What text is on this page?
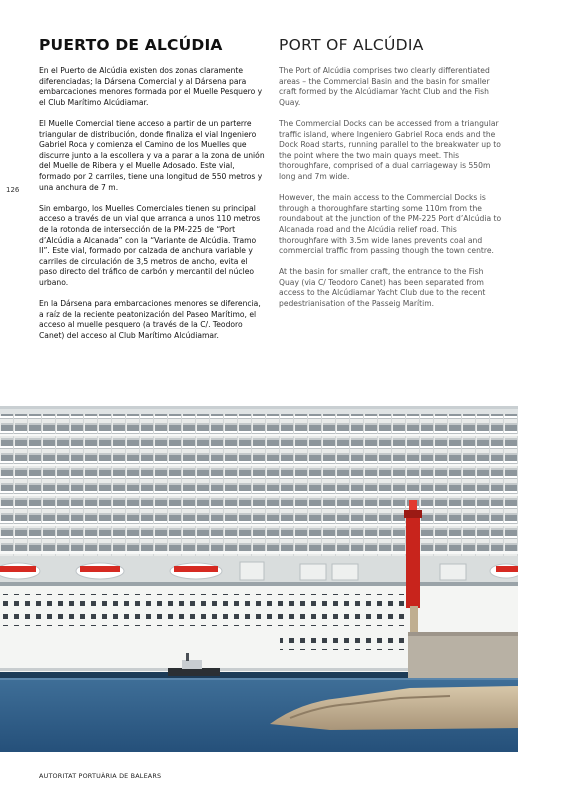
126
PUERTO DE ALCÚDIA

En el Puerto de Alcúdia existen dos zonas claramente diferenciadas; la Dársena Comercial y al Dársena para embarcaciones menores formada por el Muelle Pesquero y el Club Marítimo Alcúdiamar.

El Muelle Comercial tiene acceso a partir de un parterre triangular de distribución, donde finaliza el vial Ingeniero Gabriel Roca y comienza el Camino de los Muelles que discurre junto a la escollera y va a parar a la zona de unión del Muelle de Ribera y el Muelle Adosado. Este vial, formado por 2 carriles, tiene una longitud de 550 metros y una anchura de 7 m.

Sin embargo, los Muelles Comerciales tienen su principal acceso a través de un vial que arranca a unos 110 metros de la rotonda de intersección de la PM-225 de “Port d’Alcúdia a Alcanada” con la “Variante de Alcúdia. Tramo II”. Este vial, formado por calzada de anchura variable y carriles de circulación de 3,5 metros de ancho, evita el paso directo del tráfico de carbón y mercantil del núcleo urbano.

En la Dársena para embarcaciones menores se diferencia, a raíz de la reciente peatonización del Paseo Marítimo, el acceso al muelle pesquero (a través de la C/. Teodoro Canet) del acceso al Club Marítimo Alcúdiamar.

PORT OF ALCÚDIA

The Port of Alcúdia comprises two clearly differentiated areas – the Commercial Basin and the basin for smaller craft formed by the Alcúdiamar Yacht Club and the Fish Quay.

The Commercial Docks can be accessed from a triangular traffic island, where Ingeniero Gabriel Roca ends and the Dock Road starts, running parallel to the breakwater up to the point where the two main quays meet. This thoroughfare, comprised of a dual carriageway is 550m long and 7m wide.

However, the main access to the Commercial Docks is through a thoroughfare starting some 110m from the roundabout at the junction of the PM-225 Port d’Alcúdia to Alcanada road and the Alcúdia relief road. This thoroughfare with 3.5m wide lanes prevents coal and commercial traffic from passing though the town centre.

At the basin for smaller craft, the entrance to the Fish Quay (via C/ Teodoro Canet) has been separated from access to the Alcúdiamar Yacht Club due to the recent pedestrianisation of the Passeig Marítim.

AUTORITAT PORTUÀRIA DE BALEARS
